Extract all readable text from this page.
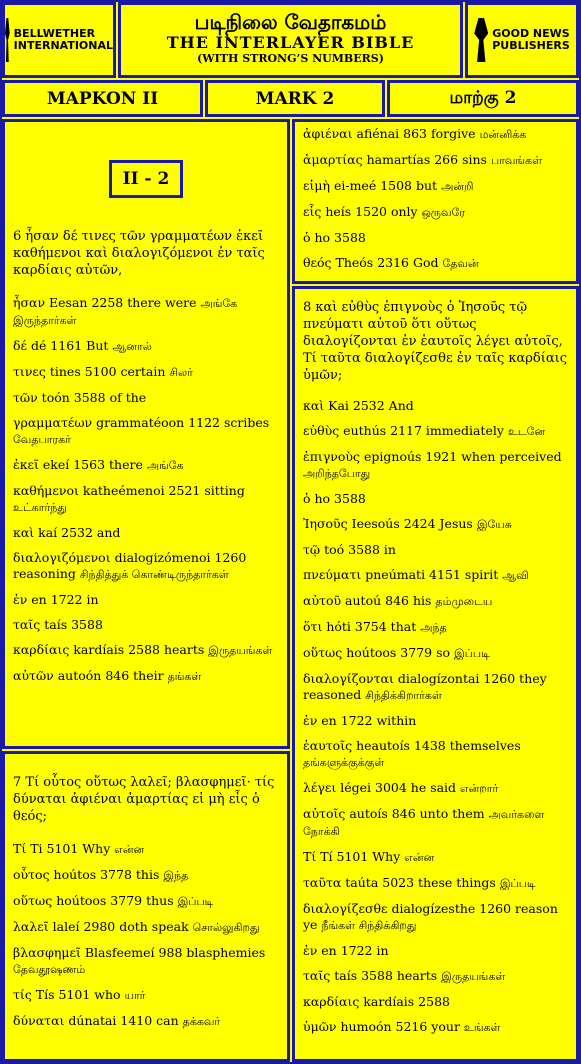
BELLWETHER
INTERNATIONAL
படிநிலை வேதாகமம்
THE INTERLAYER BIBLE
(WITH STRONG’S NUMBERS)
GOOD NEWS
PUBLISHERS
MAPKON II	MARK 2	மாற்கு 2
II - 2
6 ἦσαν δέ τινες τῶν γραμματέων ἐκεῖ καθήμενοι καὶ διαλογιζόμενοι ἐν ταῖς καρδίαις αὐτῶν,
ἦσαν Eesan 2258 there were அங்கே இருந்தார்கள்
δέ dé 1161 But ஆனால்
τινες tines 5100 certain சிலர்
τῶν toón 3588 of the
γραμματέων grammatéoon 1122 scribes வேதபாரகர்
ἐκεῖ ekeí 1563 there அங்கே
καθήμενοι katheémenoi 2521 sitting உட்கார்ந்து
καὶ kaí 2532 and
διαλογιζόμενοι dialogizómenoi 1260 reasoning சிந்தித்துக் கொண்டிருந்தார்கள்
ἐν en 1722 in
ταῖς taís 3588
καρδίαις kardíais 2588 hearts இருதயங்கள்
αὐτῶν autoón 846 their தங்கள்
7 Τί οὗτος οὕτως λαλεῖ; βλασφημεῖ· τίς δύναται ἀφιέναι ἁμαρτίας εἰ μὴ εἷς ὁ θεός;
Τί Ti 5101 Why என்ன
οὗτος hoútos 3778 this இந்த
οὕτως hoútoos 3779 thus இப்படி
λαλεῖ laleí 2980 doth speak சொல்லுகிறது
βλασφημεῖ Blasfeemeí 988 blasphemies தேவதூஷணம்
τίς Tís 5101 who யார்
δύναται dúnatai 1410 can தக்கவர்
ἀφιέναι afiénai 863 forgive மன்னிக்க
ἁμαρτίας hamartías 266 sins பாவங்கள்
εἰμὴ ei-meé 1508 but அன்றி
εἷς heís 1520 only ஒருவரே
ὁ ho 3588
θεός Theós 2316 God தேவன்
8 καὶ εὐθὺς ἐπιγνοὺς ὁ Ἰησοῦς τῷ πνεύματι αὐτοῦ ὅτι οὕτως διαλογίζονται ἐν ἑαυτοῖς λέγει αὐτοῖς, Τί ταῦτα διαλογίζεσθε ἐν ταῖς καρδίαις ὑμῶν;
καὶ Kai 2532 And
εὐθὺς euthús 2117 immediately உடனே
ἐπιγνοὺς epignoús 1921 when perceived அறிந்தபோது
ὁ ho 3588
Ἰησοῦς Ieesoús 2424 Jesus இயேசு
τῷ toó 3588 in
πνεύματι pneúmati 4151 spirit ஆவி
αὐτοῦ autoú 846 his தம்முடைய
ὅτι hóti 3754 that அந்த
οὕτως hoútoos 3779 so இப்படி
διαλογίζονται dialogízontai 1260 they reasoned சிந்திக்கிறார்கள்
ἐν en 1722 within
ἑαυτοῖς heautoís 1438 themselves தங்களுக்குக்குள்
λέγει légei 3004 he said என்றார்
αὐτοῖς autoís 846 unto them அவர்களை நோக்கி
Τί Tí 5101 Why என்ன
ταῦτα taúta 5023 these things இப்படி
διαλογίζεσθε dialogízesthe 1260 reason ye நீங்கள் சிந்திக்கிறது
ἐν en 1722 in
ταῖς taís 3588 hearts இருதயங்கள்
καρδίαις kardíais 2588
ὑμῶν humoón 5216 your உங்கள்
